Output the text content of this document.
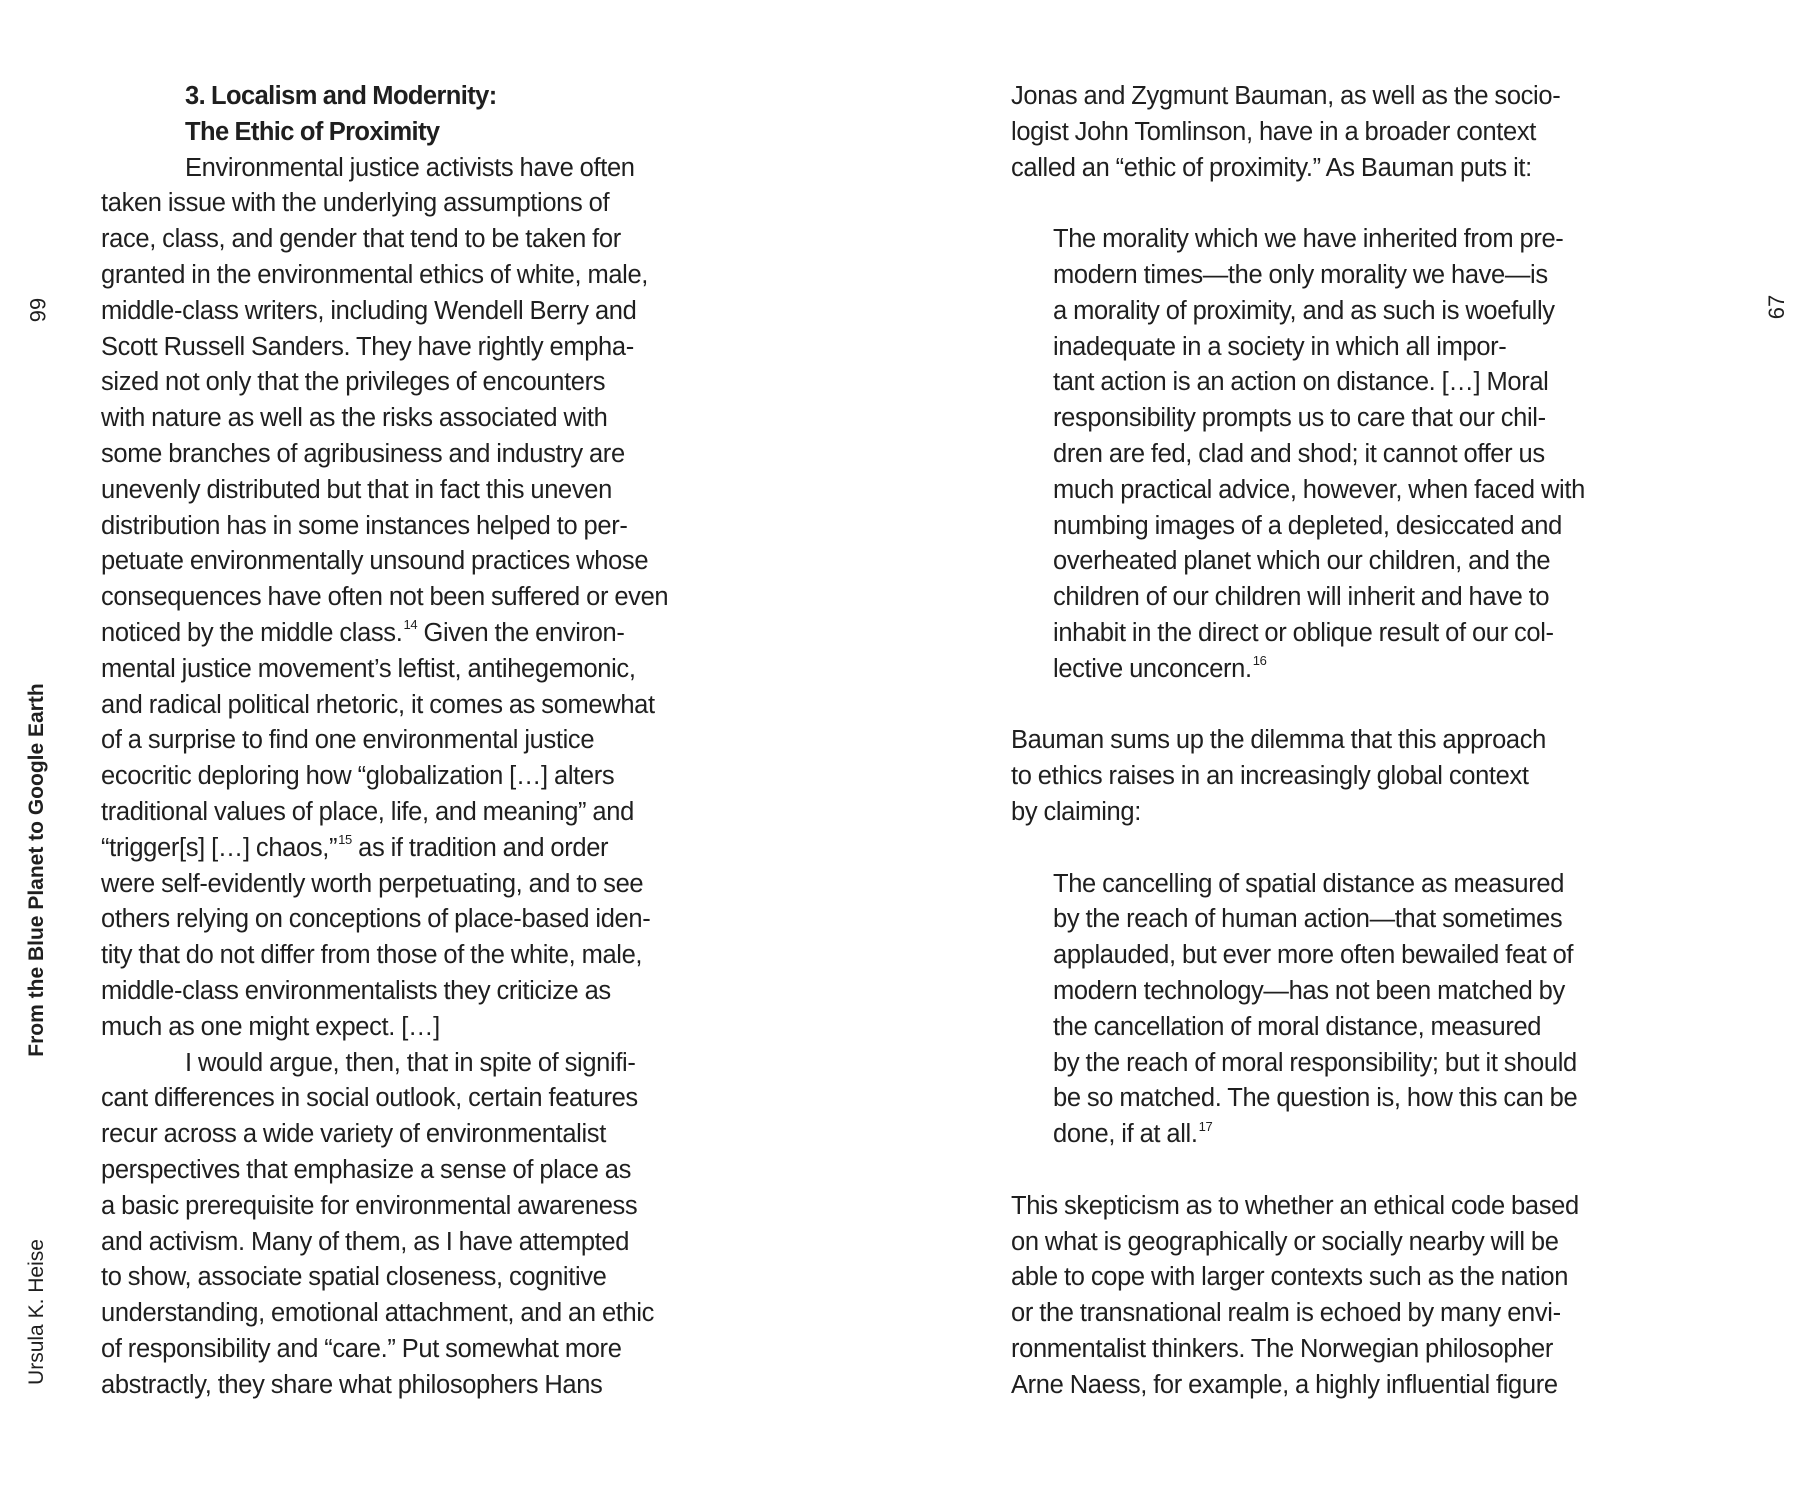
66	67
From the Blue Planet to Google Earth
Ursula K. Heise
3. Localism and Modernity:
The Ethic of Proximity
Environmental justice activists have often
taken issue with the underlying assumptions of
race, class, and gender that tend to be taken for
granted in the environmental ethics of white, male,
middle-class writers, including Wendell Berry and
Scott Russell Sanders. They have rightly empha-
sized not only that the privileges of encounters
with nature as well as the risks associated with
some branches of agribusiness and industry are
unevenly distributed but that in fact this uneven
distribution has in some instances helped to per-
petuate environmentally unsound practices whose
consequences have often not been suffered or even
noticed by the middle class.$^{14}$ Given the environ-
mental justice movement’s leftist, antihegemonic,
and radical political rhetoric, it comes as somewhat
of a surprise to find one environmental justice
ecocritic deploring how “globalization […] alters
traditional values of place, life, and meaning” and
“trigger[s] […] chaos,”$^{15}$ as if tradition and order
were self-evidently worth perpetuating, and to see
others relying on conceptions of place-based iden-
tity that do not differ from those of the white, male,
middle-class environmentalists they criticize as
much as one might expect. […]
I would argue, then, that in spite of signifi-
cant differences in social outlook, certain features
recur across a wide variety of environmentalist
perspectives that emphasize a sense of place as
a basic prerequisite for environmental awareness
and activism. Many of them, as I have attempted
to show, associate spatial closeness, cognitive
understanding, emotional attachment, and an ethic
of responsibility and “care.” Put somewhat more
abstractly, they share what philosophers Hans
Jonas and Zygmunt Bauman, as well as the socio-
logist John Tomlinson, have in a broader context
called an “ethic of proximity.” As Bauman puts it:
The morality which we have inherited from pre-
modern times—the only morality we have—is
a morality of proximity, and as such is woefully
inadequate in a society in which all impor-
tant action is an action on distance. […] Moral
responsibility prompts us to care that our chil-
dren are fed, clad and shod; it cannot offer us
much practical advice, however, when faced with
numbing images of a depleted, desiccated and
overheated planet which our children, and the
children of our children will inherit and have to
inhabit in the direct or oblique result of our col-
lective unconcern.$^{16}$
Bauman sums up the dilemma that this approach
to ethics raises in an increasingly global context
by claiming:
The cancelling of spatial distance as measured
by the reach of human action—that sometimes
applauded, but ever more often bewailed feat of
modern technology—has not been matched by
the cancellation of moral distance, measured
by the reach of moral responsibility; but it should
be so matched. The question is, how this can be
done, if at all.$^{17}$
This skepticism as to whether an ethical code based
on what is geographically or socially nearby will be
able to cope with larger contexts such as the nation
or the transnational realm is echoed by many envi-
ronmentalist thinkers. The Norwegian philosopher
Arne Naess, for example, a highly influential figure
